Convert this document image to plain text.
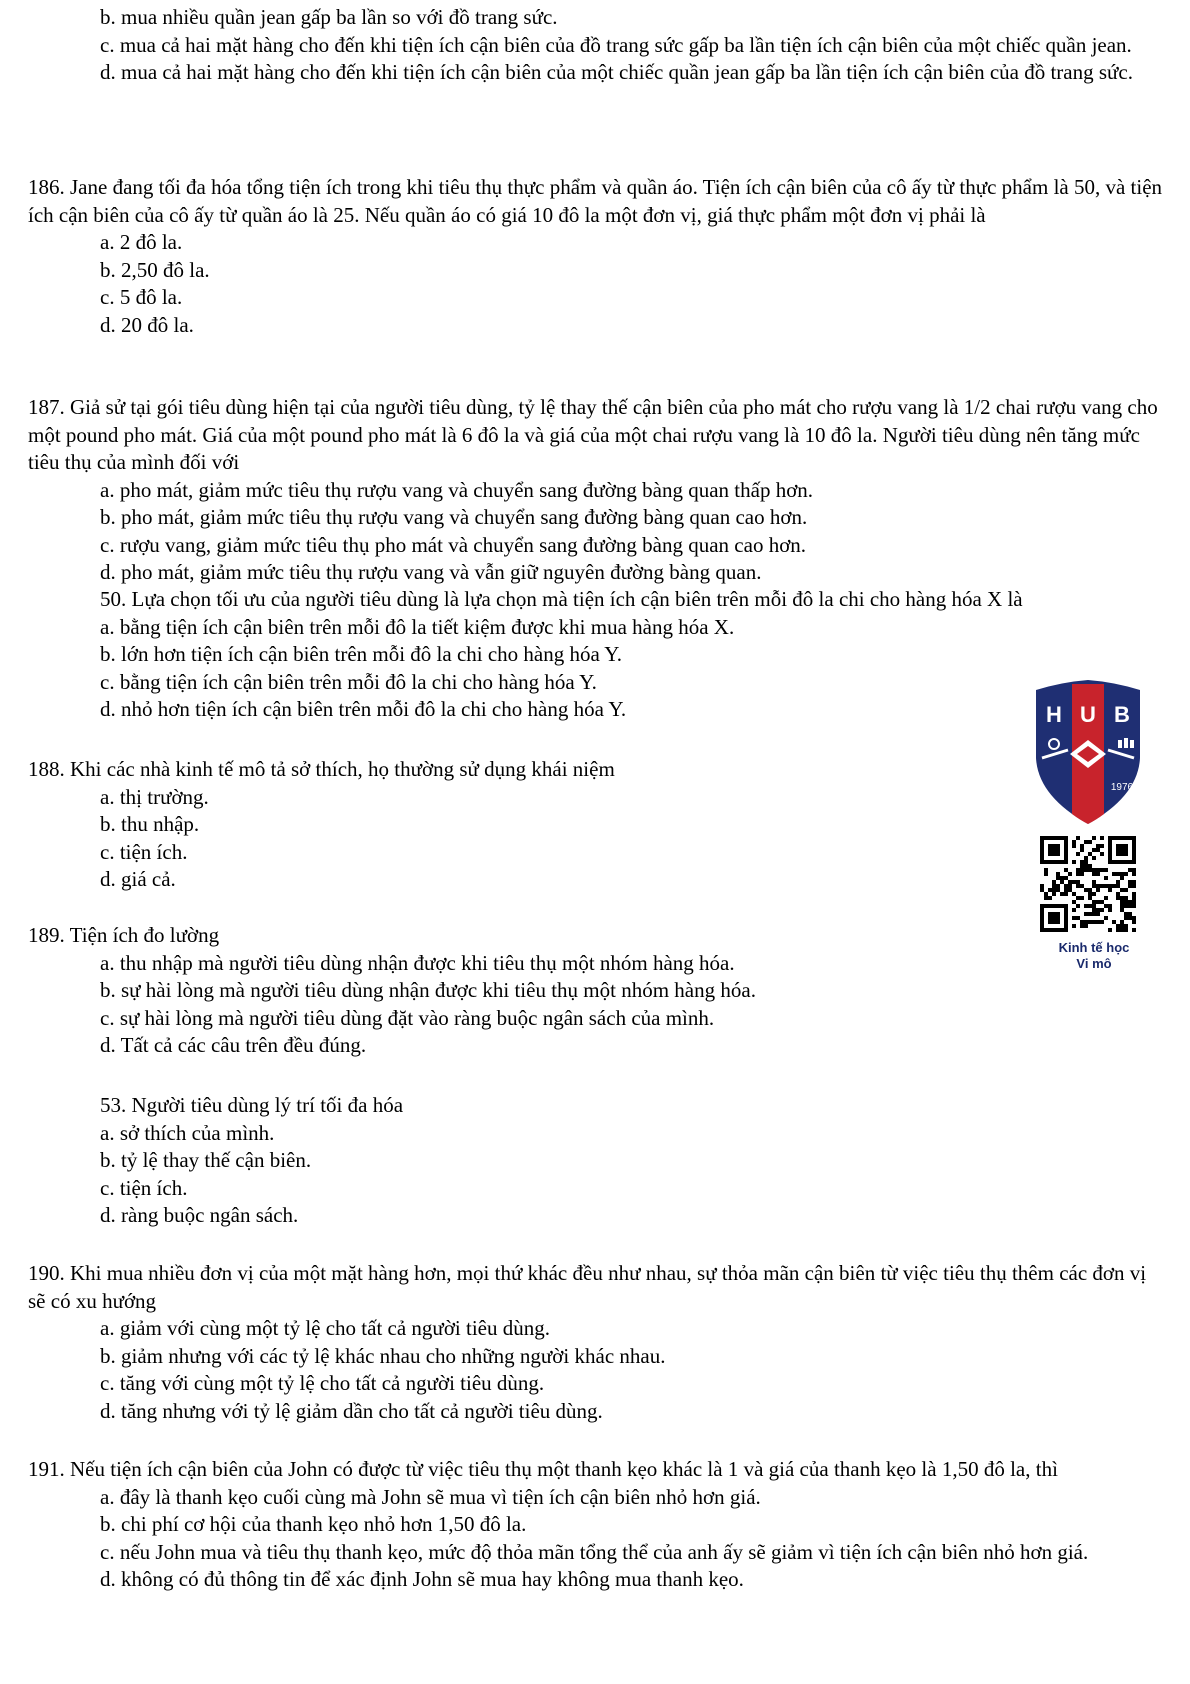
b. mua nhiều quần jean gấp ba lần so với đồ trang sức.

c. mua cả hai mặt hàng cho đến khi tiện ích cận biên của đồ trang sức gấp ba lần tiện ích cận biên của một chiếc quần jean.

d. mua cả hai mặt hàng cho đến khi tiện ích cận biên của một chiếc quần jean gấp ba lần tiện ích cận biên của đồ trang sức.

186. Jane đang tối đa hóa tổng tiện ích trong khi tiêu thụ thực phẩm và quần áo. Tiện ích cận biên của cô ấy từ thực phẩm là 50, và tiện ích cận biên của cô ấy từ quần áo là 25. Nếu quần áo có giá 10 đô la một đơn vị, giá thực phẩm một đơn vị phải là

a. 2 đô la.

b. 2,50 đô la.

c. 5 đô la.

d. 20 đô la.

187. Giả sử tại gói tiêu dùng hiện tại của người tiêu dùng, tỷ lệ thay thế cận biên của pho mát cho rượu vang là 1/2 chai rượu vang cho một pound pho mát. Giá của một pound pho mát là 6 đô la và giá của một chai rượu vang là 10 đô la. Người tiêu dùng nên tăng mức tiêu thụ của mình đối với

a. pho mát, giảm mức tiêu thụ rượu vang và chuyển sang đường bàng quan thấp hơn.

b. pho mát, giảm mức tiêu thụ rượu vang và chuyển sang đường bàng quan cao hơn.

c. rượu vang, giảm mức tiêu thụ pho mát và chuyển sang đường bàng quan cao hơn.

d. pho mát, giảm mức tiêu thụ rượu vang và vẫn giữ nguyên đường bàng quan.

50. Lựa chọn tối ưu của người tiêu dùng là lựa chọn mà tiện ích cận biên trên mỗi đô la chi cho hàng hóa X là

a. bằng tiện ích cận biên trên mỗi đô la tiết kiệm được khi mua hàng hóa X.

b. lớn hơn tiện ích cận biên trên mỗi đô la chi cho hàng hóa Y.

c. bằng tiện ích cận biên trên mỗi đô la chi cho hàng hóa Y.

d. nhỏ hơn tiện ích cận biên trên mỗi đô la chi cho hàng hóa Y.

188. Khi các nhà kinh tế mô tả sở thích, họ thường sử dụng khái niệm

a. thị trường.

b. thu nhập.

c. tiện ích.

d. giá cả.

189. Tiện ích đo lường

a. thu nhập mà người tiêu dùng nhận được khi tiêu thụ một nhóm hàng hóa.

b. sự hài lòng mà người tiêu dùng nhận được khi tiêu thụ một nhóm hàng hóa.

c. sự hài lòng mà người tiêu dùng đặt vào ràng buộc ngân sách của mình.

d. Tất cả các câu trên đều đúng.

53. Người tiêu dùng lý trí tối đa hóa

a. sở thích của mình.

b. tỷ lệ thay thế cận biên.

c. tiện ích.

d. ràng buộc ngân sách.

190. Khi mua nhiều đơn vị của một mặt hàng hơn, mọi thứ khác đều như nhau, sự thỏa mãn cận biên từ việc tiêu thụ thêm các đơn vị sẽ có xu hướng

a. giảm với cùng một tỷ lệ cho tất cả người tiêu dùng.

b. giảm nhưng với các tỷ lệ khác nhau cho những người khác nhau.

c. tăng với cùng một tỷ lệ cho tất cả người tiêu dùng.

d. tăng nhưng với tỷ lệ giảm dần cho tất cả người tiêu dùng.

191. Nếu tiện ích cận biên của John có được từ việc tiêu thụ một thanh kẹo khác là 1 và giá của thanh kẹo là 1,50 đô la, thì

a. đây là thanh kẹo cuối cùng mà John sẽ mua vì tiện ích cận biên nhỏ hơn giá.

b. chi phí cơ hội của thanh kẹo nhỏ hơn 1,50 đô la.

c. nếu John mua và tiêu thụ thanh kẹo, mức độ thỏa mãn tổng thể của anh ấy sẽ giảm vì tiện ích cận biên nhỏ hơn giá.

d. không có đủ thông tin để xác định John sẽ mua hay không mua thanh kẹo.

H U B
1976
Kinh tế học
Vi mô
